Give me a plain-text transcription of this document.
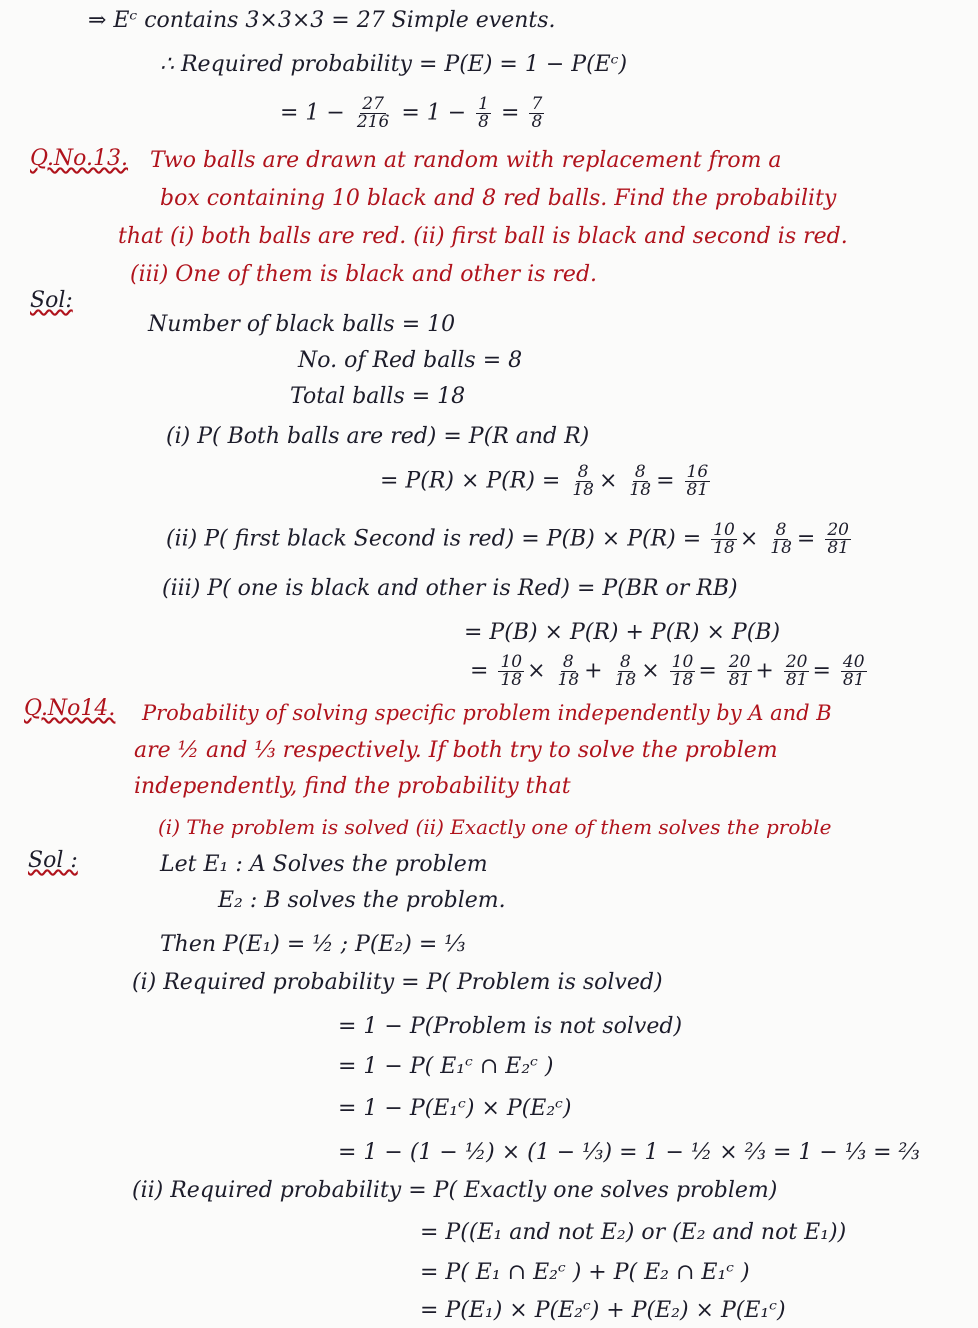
⇒ Eᶜ contains 3×3×3 = 27 Simple events.
∴ Required probability = P(E) = 1 − P(Eᶜ)
= $1 - \frac{27}{216} = 1 - \frac{1}{8} = \frac{7}{8}$
Q.No.13. Two balls are drawn at random with replacement from a
box containing 10 black and 8 red balls. Find the probability
that (i) both balls are red. (ii) first ball is black and second is red.
(iii) One of them is black and other is red.
Sol:
Number of black balls = 10
No. of Red balls = 8
Total balls = 18
(i) P( Both balls are red) = P(R and R)
= $P(R) \times P(R) = \frac{8}{18} \times \frac{8}{18} = \frac{16}{81}$
(ii) P( first black Second is $red) = P(B) \times P(R) = \frac{10}{18} \times \frac{8}{18} = \frac{20}{81}$
(iii) P( one is black and other is Red) = P(BR or RB)
= P(B) × P(R) + P(R) × P(B)
= $\frac{10}{18} \times \frac{8}{18} + \frac{8}{18} \times \frac{10}{18} = \frac{20}{81} + \frac{20}{81} = \frac{40}{81}$
Q.No14. Probability of solving specific problem independently by A and B
are ½ and ⅓ respectively. If both try to solve the problem
independently, find the probability that
(i) The problem is solved (ii) Exactly one of them solves the proble
Sol :	Let E₁ : A Solves the problem
E₂ : B solves the problem.
Then P(E₁) = ½ ; P(E₂) = ⅓
(i) Required probability = P( Problem is solved)
= 1 − P(Problem is not solved)
= 1 − P( E₁ᶜ ∩ E₂ᶜ )
= 1 − P(E₁ᶜ) × P(E₂ᶜ)
= 1 − (1 − ½) × (1 − ⅓) = 1 − ½ × ⅔ = 1 − ⅓ = ⅔
(ii) Required probability = P( Exactly one solves problem)
= P((E₁ and not E₂) or (E₂ and not E₁))
= P( E₁ ∩ E₂ᶜ ) + P( E₂ ∩ E₁ᶜ )
= P(E₁) × P(E₂ᶜ) + P(E₂) × P(E₁ᶜ)
